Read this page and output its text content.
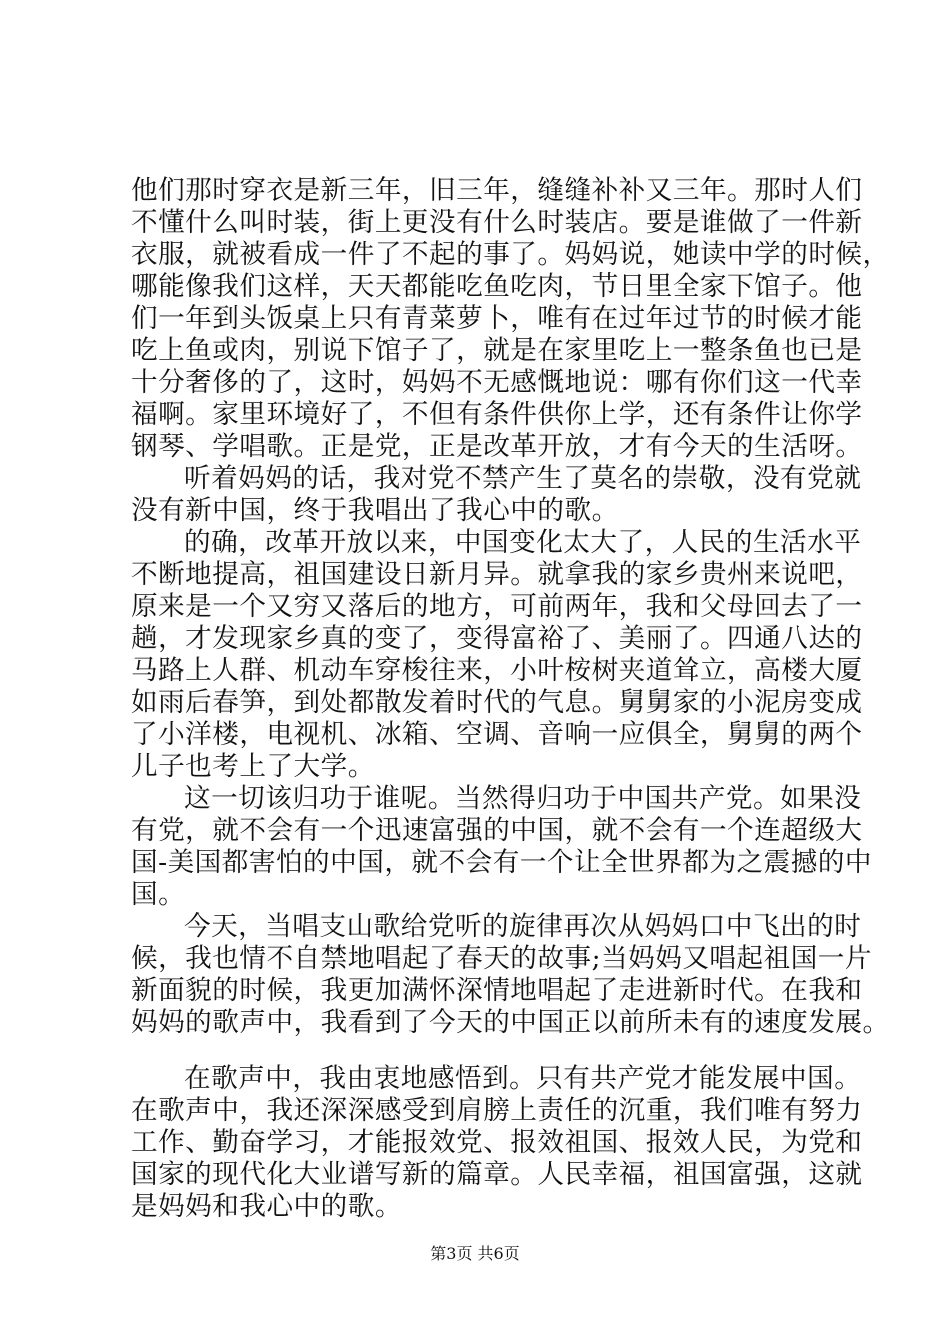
他们那时穿衣是新三年，旧三年，缝缝补补又三年。那时人们
不懂什么叫时装，街上更没有什么时装店。要是谁做了一件新
衣服，就被看成一件了不起的事了。妈妈说，她读中学的时候，
哪能像我们这样，天天都能吃鱼吃肉，节日里全家下馆子。他
们一年到头饭桌上只有青菜萝卜，唯有在过年过节的时候才能
吃上鱼或肉，别说下馆子了，就是在家里吃上一整条鱼也已是
十分奢侈的了，这时，妈妈不无感慨地说：哪有你们这一代幸
福啊。家里环境好了，不但有条件供你上学，还有条件让你学
钢琴、学唱歌。正是党，正是改革开放，才有今天的生活呀。
听着妈妈的话，我对党不禁产生了莫名的崇敬，没有党就
没有新中国，终于我唱出了我心中的歌。
的确，改革开放以来，中国变化太大了，人民的生活水平
不断地提高，祖国建设日新月异。就拿我的家乡贵州来说吧，
原来是一个又穷又落后的地方，可前两年，我和父母回去了一
趟，才发现家乡真的变了，变得富裕了、美丽了。四通八达的
马路上人群、机动车穿梭往来，小叶桉树夹道耸立，高楼大厦
如雨后春笋，到处都散发着时代的气息。舅舅家的小泥房变成
了小洋楼，电视机、冰箱、空调、音响一应俱全，舅舅的两个
儿子也考上了大学。
这一切该归功于谁呢。当然得归功于中国共产党。如果没
有党，就不会有一个迅速富强的中国，就不会有一个连超级大
国-美国都害怕的中国，就不会有一个让全世界都为之震撼的中
国。
今天，当唱支山歌给党听的旋律再次从妈妈口中飞出的时
候，我也情不自禁地唱起了春天的故事;当妈妈又唱起祖国一片
新面貌的时候，我更加满怀深情地唱起了走进新时代。在我和
妈妈的歌声中，我看到了今天的中国正以前所未有的速度发展。
在歌声中，我由衷地感悟到。只有共产党才能发展中国。
在歌声中，我还深深感受到肩膀上责任的沉重，我们唯有努力
工作、勤奋学习，才能报效党、报效祖国、报效人民，为党和
国家的现代化大业谱写新的篇章。人民幸福，祖国富强，这就
是妈妈和我心中的歌。
第3页 共6页
